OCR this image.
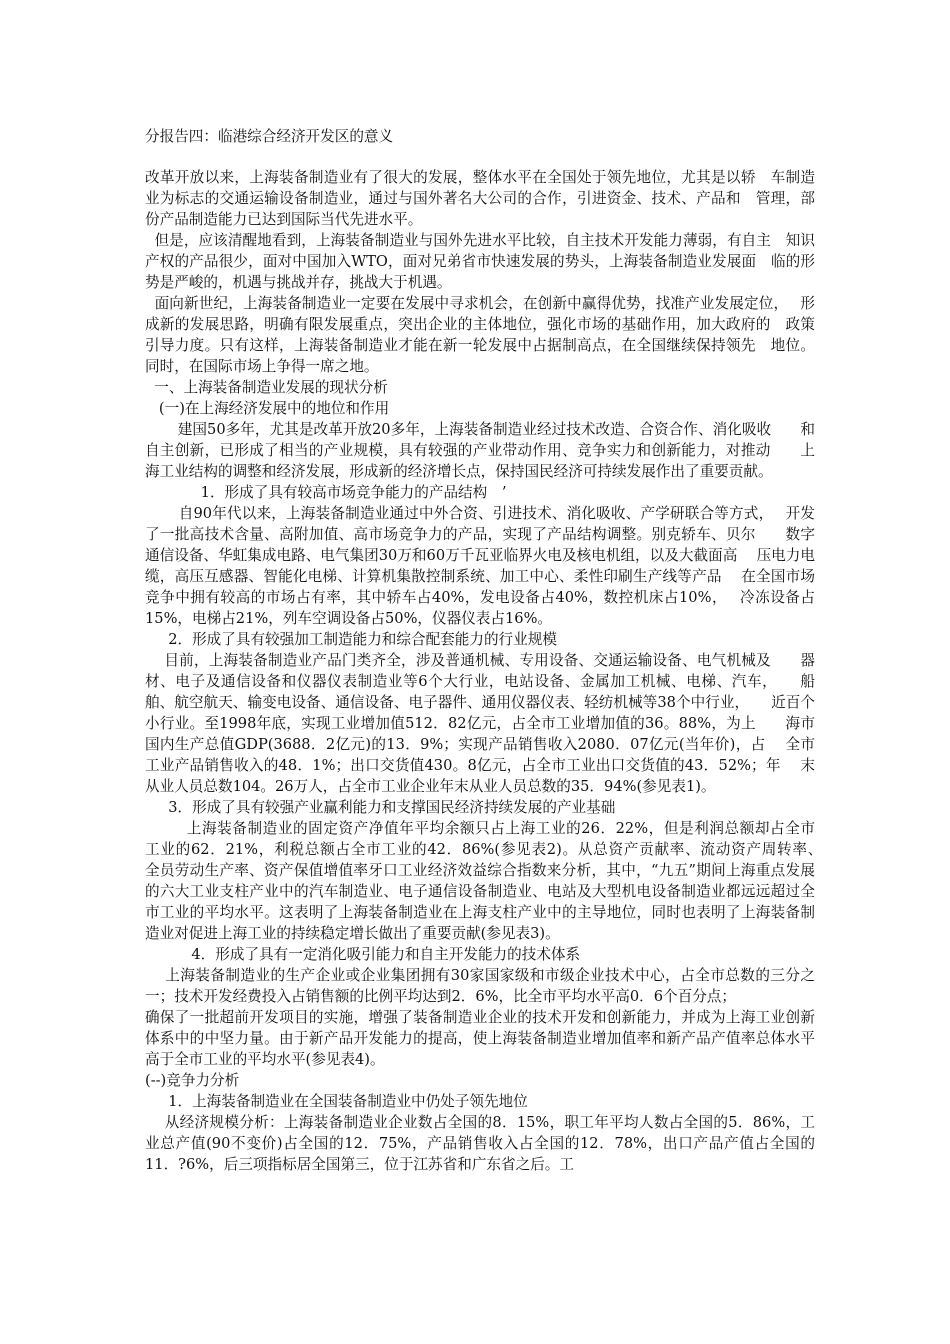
分报告四：临港综合经济开发区的意义

改革开放以来，上海装备制造业有了很大的发展，整体水平在全国处于领先地位，尤其是以轿　车制造业为标志的交通运输设备制造业，通过与国外著名大公司的合作，引进资金、技术、产品和　管理，部份产品制造能力已达到国际当代先进水平。

但是，应该清醒地看到，上海装备制造业与国外先进水平比较，自主技术开发能力薄弱，有自主　知识产权的产品很少，面对中国加入WTO，面对兄弟省市快速发展的势头，上海装备制造业发展面　临的形势是严峻的，机遇与挑战并存，挑战大于机遇。

面向新世纪，上海装备制造业一定要在发展中寻求机会，在创新中赢得优势，找准产业发展定位，　 形成新的发展思路，明确有限发展重点，突出企业的主体地位，强化市场的基础作用，加大政府的　政策引导力度。只有这样，上海装备制造业才能在新一轮发展中占据制高点，在全国继续保持领先　地位。同时，在国际市场上争得一席之地。

一、上海装备制造业发展的现状分析

(一)在上海经济发展中的地位和作用

建国50多年，尤其是改革开放20多年，上海装备制造业经过技术改造、合资合作、消化吸收　　和自主创新，已形成了相当的产业规模，具有较强的产业带动作用、竞争实力和创新能力，对推动　　上海工业结构的调整和经济发展，形成新的经济增长点，保持国民经济可持续发展作出了重要贡献。

1．形成了具有较高市场竞争能力的产品结构　’

自90年代以来，上海装备制造业通过中外合资、引进技术、消化吸收、产学研联合等方式，　 开发了一批高技术含量、高附加值、高市场竞争力的产品，实现了产品结构调整。别克轿车、贝尔　　数字通信设备、华虹集成电路、电气集团30万和60万千瓦亚临界火电及核电机组，以及大截面高　 压电力电缆，高压互感器、智能化电梯、计算机集散控制系统、加工中心、柔性印刷生产线等产品　 在全国市场竞争中拥有较高的市场占有率，其中轿车占40%，发电设备占40%，数控机床占10%，　 冷冻设备占15%，电梯占21%，列车空调设备占50%，仪器仪表占16%。

2．形成了具有较强加工制造能力和综合配套能力的行业规模

目前，上海装备制造业产品门类齐全，涉及普通机械、专用设备、交通运输设备、电气机械及　　器材、电子及通信设备和仪器仪表制造业等6个大行业，电站设备、金属加工机械、电梯、汽车，　　船舶、航空航天、输变电设备、通信设备、电子器件、通用仪器仪表、轻纺机械等38个中行业，　　近百个小行业。至1998年底，实现工业增加值512．82亿元，占全市工业增加值的36。88%，为上　　海市国内生产总值GDP(3688．2亿元)的13．9%；实现产品销售收入2080．07亿元(当年价)，占　 全市工业产品销售收入的48．1%；出口交货值430。8亿元，占全市工业出口交货值的43．52%；年　 末从业人员总数104。26万人，占全市工业企业年末从业人员总数的35．94%(参见表1)。

3．形成了具有较强产业赢利能力和支撑国民经济持续发展的产业基础

上海装备制造业的固定资产净值年平均余额只占上海工业的26．22%，但是利润总额却占全市　　工业的62．21%，利税总额占全市工业的42．86%(参见表2)。从总资产贡献率、流动资产周转率、　　全员劳动生产率、资产保值增值率牙口工业经济效益综合指数来分析，其中，“九五”期间上海重点发展的六大工业支柱产业中的汽车制造业、电子通信设备制造业、电站及大型机电设备制造业都远远超过全市工业的平均水平。这表明了上海装备制造业在上海支柱产业中的主导地位，同时也表明了上海装备制造业对促进上海工业的持续稳定增长做出了重要贡献(参见表3)。

4．形成了具有一定消化吸引能力和自主开发能力的技术体系

上海装备制造业的生产企业或企业集团拥有30家国家级和市级企业技术中心，占全市总数的三分之一；技术开发经费投入占销售额的比例平均达到2．6%，比全市平均水平高0．6个百分点；

确保了一批超前开发项目的实施，增强了装备制造业企业的技术开发和创新能力，并成为上海工业创新体系中的中坚力量。由于新产品开发能力的提高，使上海装备制造业增加值率和新产品产值率总体水平高于全市工业的平均水平(参见表4)。

(--)竞争力分析

1．上海装备制造业在全国装备制造业中仍处子领先地位

从经济规模分析：上海装备制造业企业数占全国的8．15%，职工年平均人数占全国的5．86%，工业总产值(90不变价)占全国的12．75%，产品销售收入占全国的12．78%，出口产品产值占全国的11．?6%，后三项指标居全国第三，位于江苏省和广东省之后。工
